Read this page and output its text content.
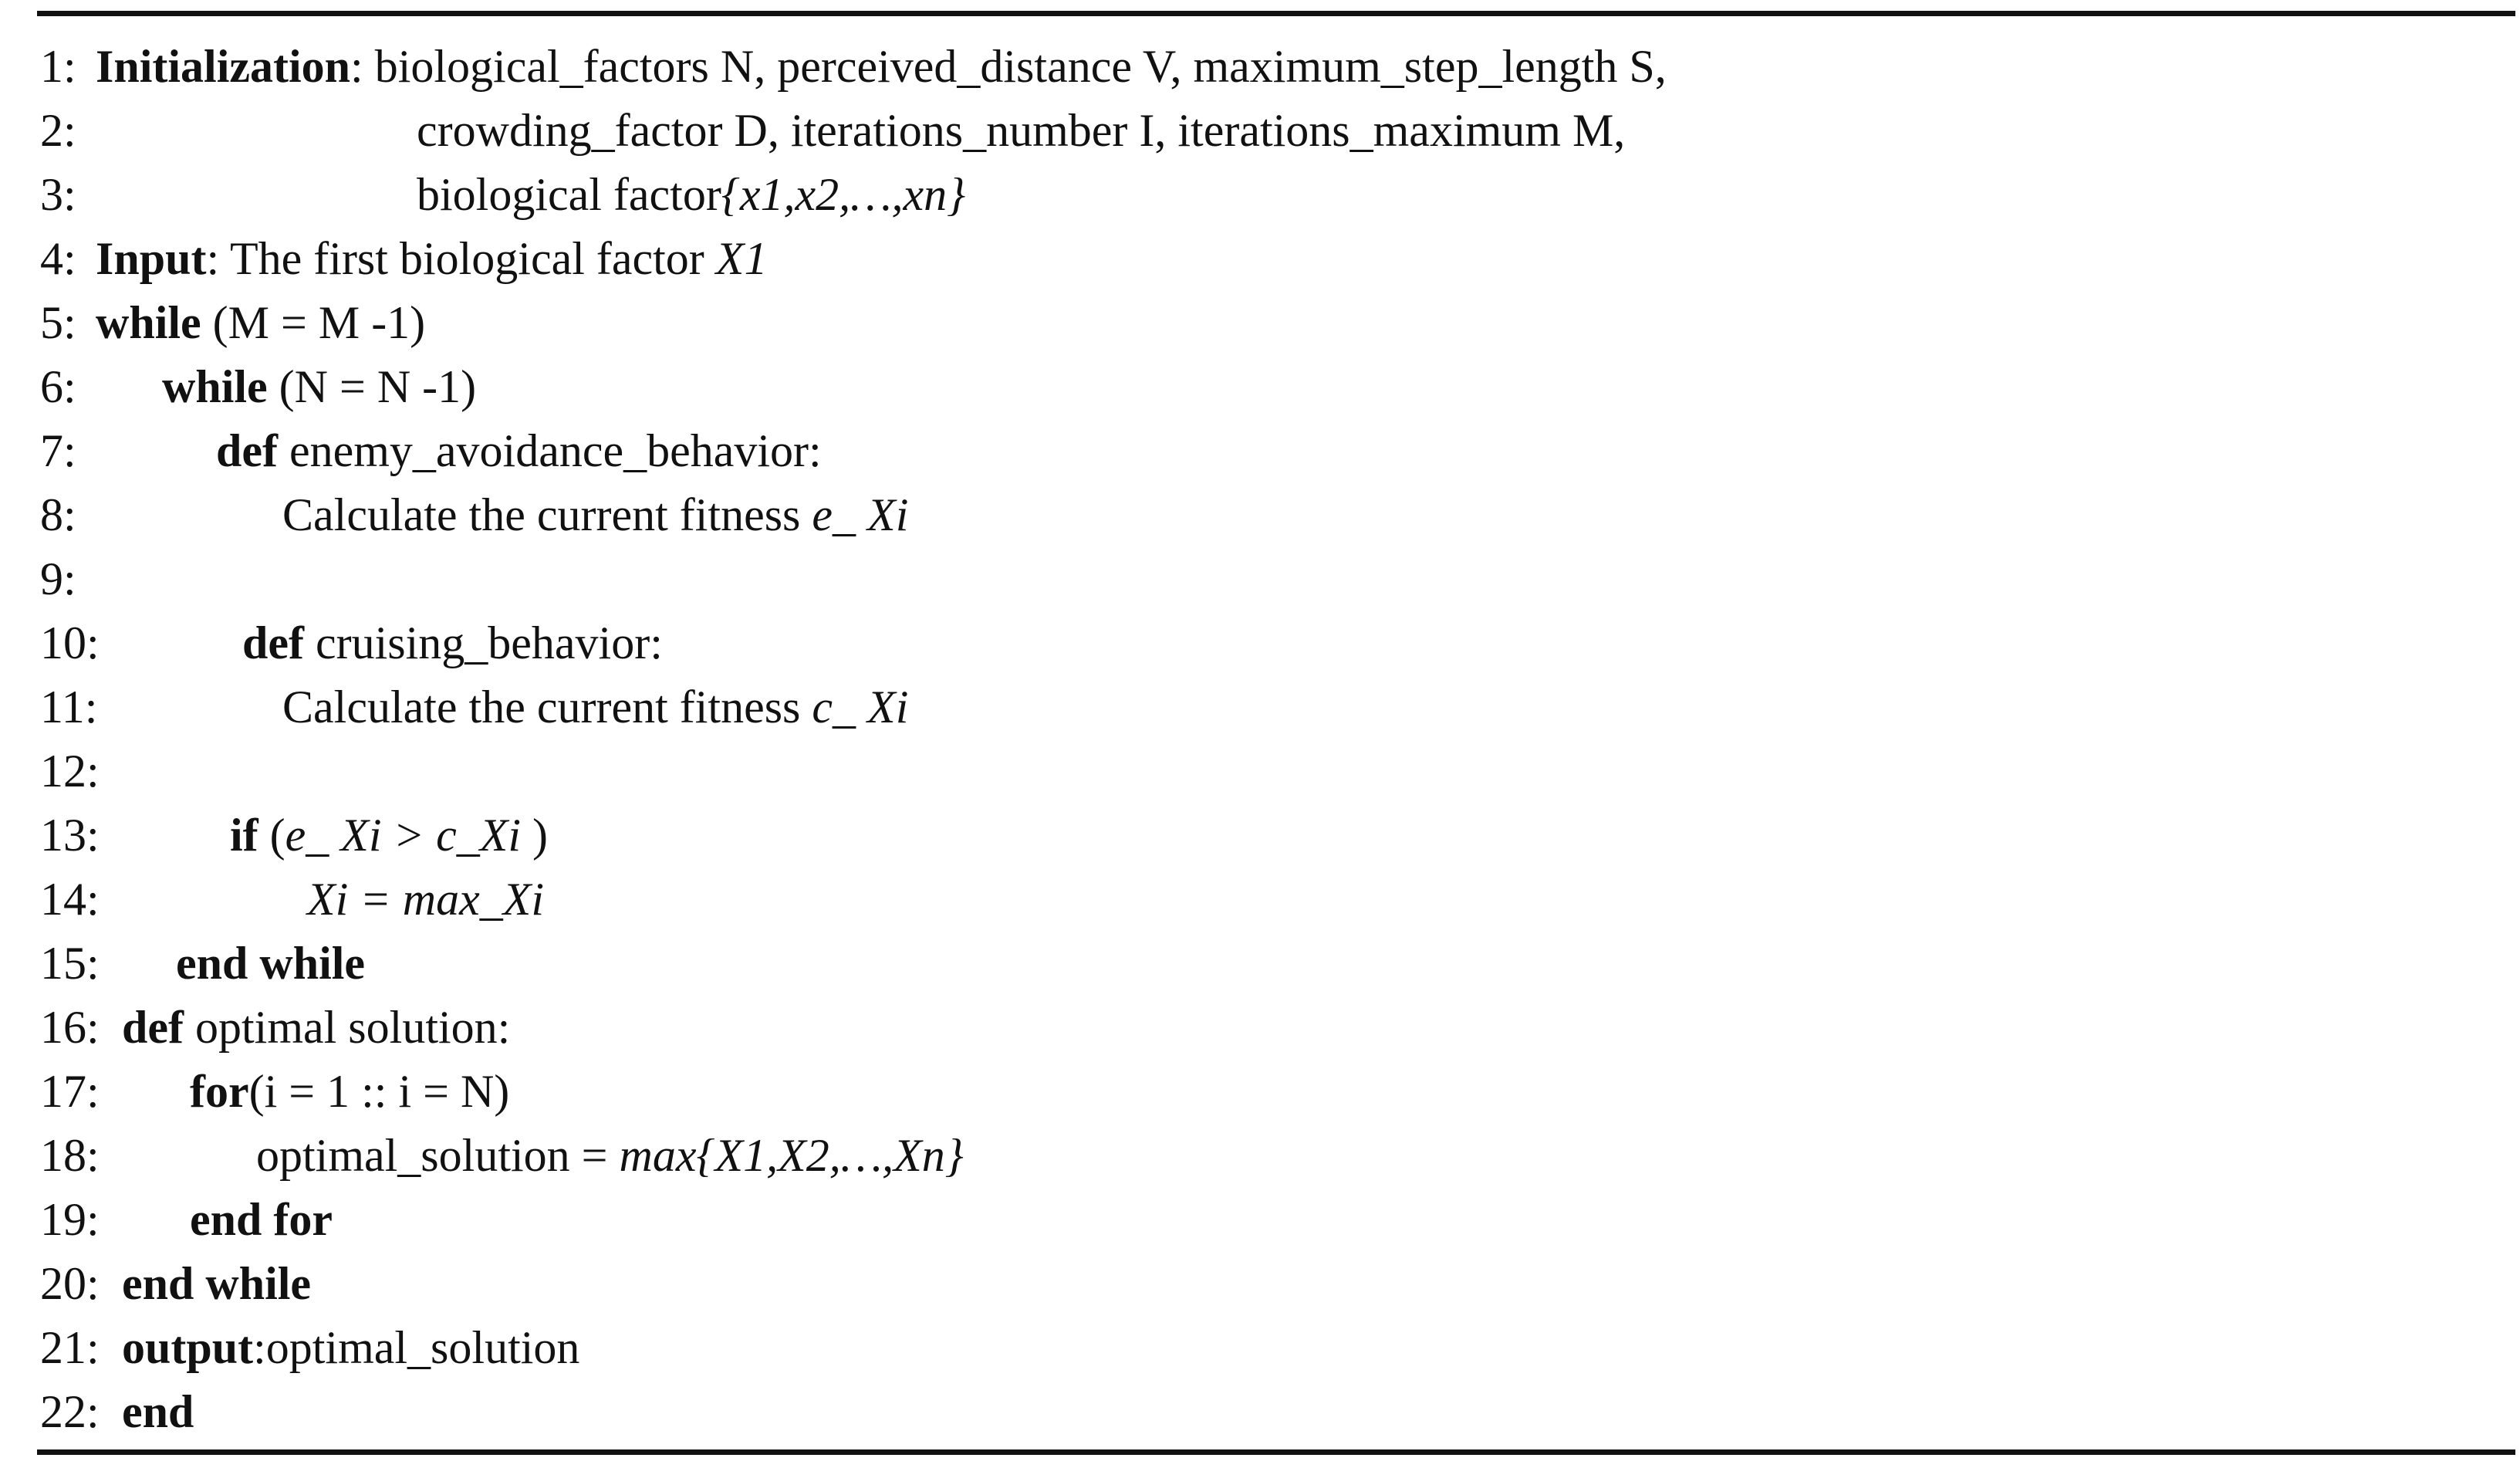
1: Initialization: biological_factors N, perceived_distance V, maximum_step_length S,
2:	crowding_factor D, iterations_number I, iterations_maximum M,
3:	biological factor{x1,x2,…,xn}
4: Input: The first biological factor X1
5: while (M = M -1)
6: while (N = N -1)
7:	def enemy_avoidance_behavior:
8:	Calculate the current fitness e_ Xi
9:
10:	def cruising_behavior:
11:	Calculate the current fitness c_ Xi
12:
13:	if (e_ Xi > c_Xi )
14:	Xi = max_Xi
15: end while
16: def optimal solution:
17: for(i = 1 :: i = N)
18:	optimal_solution = max{X1,X2,…,Xn}
19: end for
20: end while
21: output:optimal_solution
22: end
